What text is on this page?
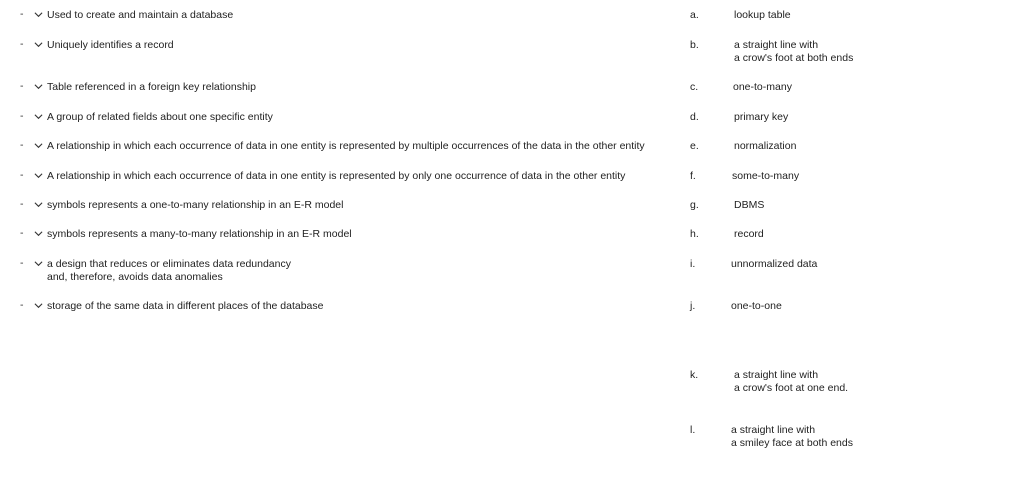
- Used to create and maintain a database
- Uniquely identifies a record
- Table referenced in a foreign key relationship
- A group of related fields about one specific entity
- A relationship in which each occurrence of data in one entity is represented by multiple occurrences of the data in the other entity
- A relationship in which each occurrence of data in one entity is represented by only one occurrence of data in the other entity
- symbols represents a one-to-many relationship in an E-R model
- symbols represents a many-to-many relationship in an E-R model
- a design that reduces or eliminates data redundancy
and, therefore, avoids data anomalies
- storage of the same data in different places of the database
a.	lookup table
b.	a straight line with
a crow's foot at both ends
c.	one-to-many
d.	primary key
e.	normalization
f.	some-to-many
g.	DBMS
h.	record
i.	unnormalized data
j.	one-to-one
k.	a straight line with
a crow's foot at one end.
l.	a straight line with
a smiley face at both ends
